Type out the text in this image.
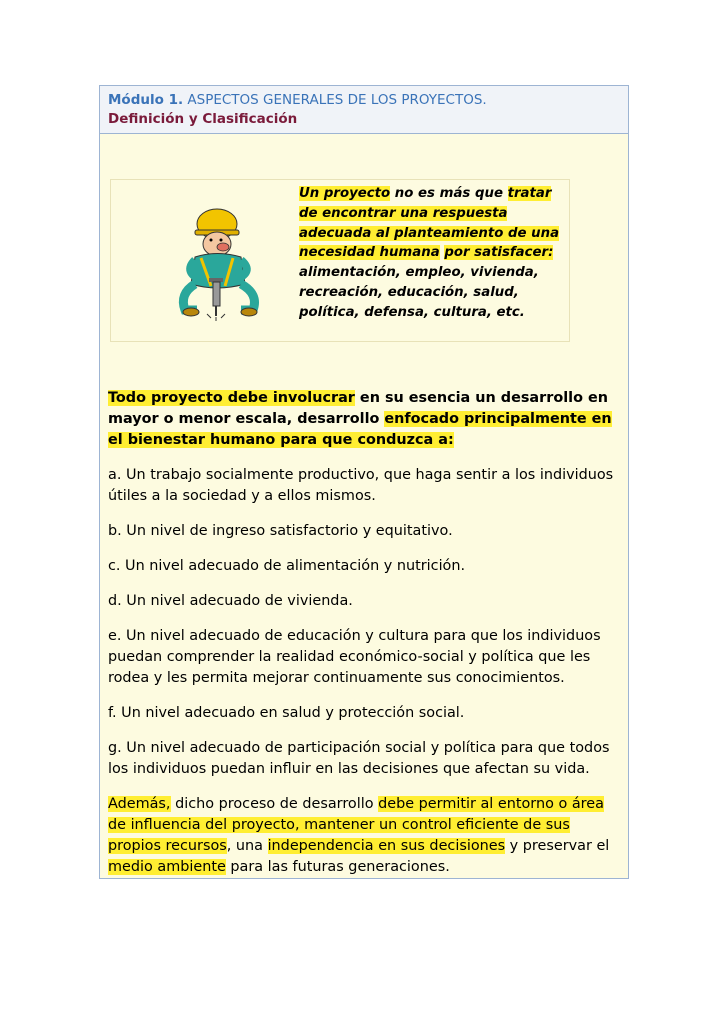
Módulo 1. ASPECTOS GENERALES DE LOS PROYECTOS.
Definición y Clasificación
Un proyecto no es más que tratar de encontrar una respuesta adecuada al planteamiento de una necesidad humana por satisfacer: alimentación, empleo, vivienda, recreación, educación, salud, política, defensa, cultura, etc.

Todo proyecto debe involucrar en su esencia un desarrollo en mayor o menor escala, desarrollo enfocado principalmente en el bienestar humano para que conduzca a:

a. Un trabajo socialmente productivo, que haga sentir a los individuos útiles a la sociedad y a ellos mismos.

b. Un nivel de ingreso satisfactorio y equitativo.

c. Un nivel adecuado de alimentación y nutrición.

d. Un nivel adecuado de vivienda.

e. Un nivel adecuado de educación y cultura para que los individuos puedan comprender la realidad económico-social y política que les rodea y les permita mejorar continuamente sus conocimientos.

f. Un nivel adecuado en salud y protección social.

g. Un nivel adecuado de participación social y política para que todos los individuos puedan influir en las decisiones que afectan su vida.

Además, dicho proceso de desarrollo debe permitir al entorno o área de influencia del proyecto, mantener un control eficiente de sus propios recursos, una independencia en sus decisiones y preservar el medio ambiente para las futuras generaciones.
